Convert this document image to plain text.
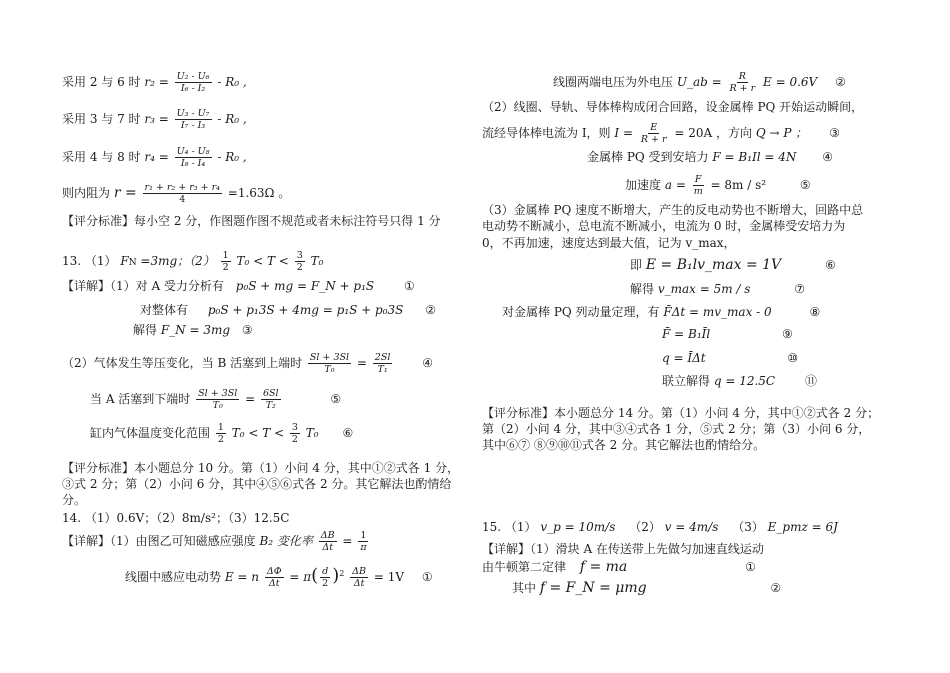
采用 2 与 6 时 $r_2 = \frac{\text{U₂ - U₆}}{\text{I₆ - I₂}} - R_0$ ,
采用 3 与 7 时 $r_3 = \frac{\text{U₃ - U₇}}{\text{I₇ - I₃}} - R_0$ ,
采用 4 与 8 时 $r_4 = \frac{\text{U₄ - U₈}}{\text{I₈ - I₄}} - R_0$ ,
则内阻为 $r = \frac{\text{r₁ + r₂ + r₃ + r₄}}{4} =1.63\Omega$ 。
【评分标准】每小空 2 分，作图题作图不规范或者未标注符号只得 1 分
13. （1） FN =3mg；$(2) \frac{1}{2} T_0 < T < \frac{3}{2} T_0$
【详解】（1）对 A 受力分析有 p₀S + mg = F_N + p₁S ①
对整体有 p₀S + p₁3S + 4mg = p₁S + p₀3S ②
解得 F_N = 3mg ③
（2）气体发生等压变化，当 B 活塞到上端时 $\frac{Sl + 3Sl}{\text{T₀}} = \frac{2Sl}{\text{T₁}}$ ④
当 A 活塞到下端时 $\frac{Sl + 3Sl}{\text{T₀}} = \frac{6Sl}{\text{T₂}}$	⑤
缸内气体温度变化范围 $\frac{1}{2} T_0 < T < \frac{3}{2} T_0$ ⑥
【评分标准】本小题总分 10 分。第（1）小问 4 分，其中①②式各 1 分，
③式 2 分；第（2）小问 6 分，其中④⑤⑥式各 2 分。其它解法也酌情给
分。
14. （1）0.6V；（2）8m/s²；（3）12.5C
【详解】（1）由图乙可知磁感应强度 B₂ 变化率 $\frac{\Delta B}{\Delta t} = \frac{1}{\pi}$
线圈中感应电动势 E = n $\frac{\Delta\Phi}{\Delta t} = \pi( \frac{d}{2} )^2 \frac{\Delta B}{\Delta t} = 1V$ ①
线圈两端电压为外电压 U_ab = $\frac{R}{R + r}$ E = 0.6V ②
（2）线圈、导轨、导体棒构成闭合回路，设金属棒 PQ 开始运动瞬间，
流经导体棒电流为 I，则 $I = \frac{E}{R + r} = 20A$ ，方向 Q → P ； ③
金属棒 PQ 受到安培力 F = B₁Il = 4N ④
加速度 $a = \frac{F}{m} = 8m / s^2$	⑤
（3）金属棒 PQ 速度不断增大，产生的反电动势也不断增大，回路中总
电动势不断减小，总电流不断减小，电流为 0 时，金属棒受安培力为
0，不再加速，速度达到最大值，记为 v_max，
即 E = B₁lv_max = 1V	⑥
解得 v_max = 5m / s	⑦
对金属棒 PQ 列动量定理，有 F̄Δt = mv_max - 0	⑧
F̄ = B₁Īl	⑨
q = ĪΔt	⑩
联立解得 q = 12.5C ⑪
【评分标准】本小题总分 14 分。第（1）小问 4 分，其中①②式各 2 分；
第（2）小问 4 分，其中③④式各 1 分，⑤式 2 分；第（3）小问 6 分，
其中⑥⑦ ⑧⑨⑩⑪式各 2 分。其它解法也酌情给分。
15. （1） v_p = 10m/s （2） v = 4m/s （3） E_pmz = 6J
【详解】（1）滑块 A 在传送带上先做匀加速直线运动
由牛顿第二定律 f = ma	①
其中 f = F_N = μmg	②
